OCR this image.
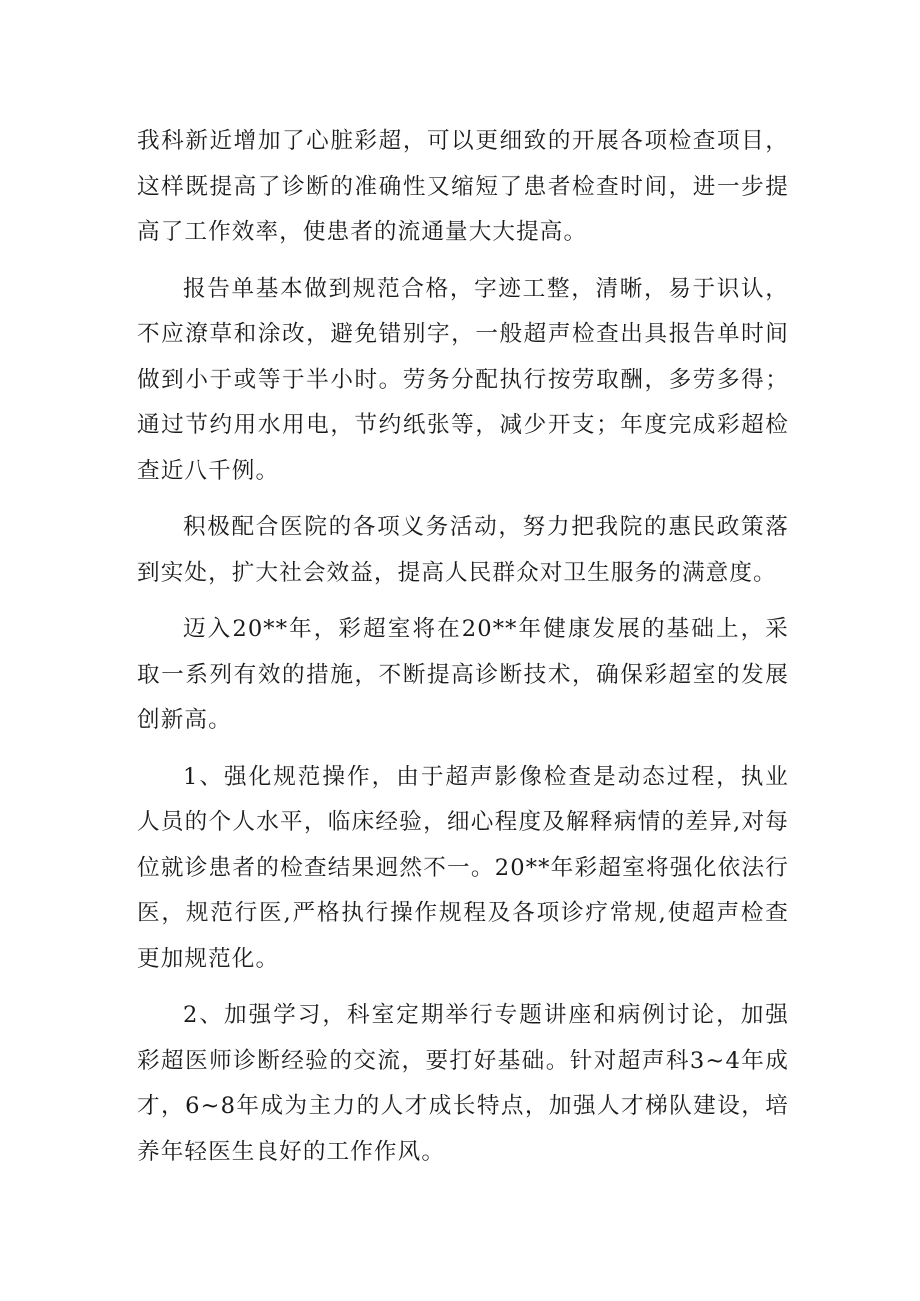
我科新近增加了心脏彩超，可以更细致的开展各项检查项目，这样既提高了诊断的准确性又缩短了患者检查时间，进一步提高了工作效率，使患者的流通量大大提高。

报告单基本做到规范合格，字迹工整，清晰，易于识认，不应潦草和涂改，避免错别字，一般超声检查出具报告单时间做到小于或等于半小时。劳务分配执行按劳取酬，多劳多得；通过节约用水用电，节约纸张等，减少开支；年度完成彩超检查近八千例。

积极配合医院的各项义务活动，努力把我院的惠民政策落到实处，扩大社会效益，提高人民群众对卫生服务的满意度。

迈入20**年，彩超室将在20**年健康发展的基础上，采取一系列有效的措施，不断提高诊断技术，确保彩超室的发展创新高。

1、强化规范操作，由于超声影像检查是动态过程，执业人员的个人水平，临床经验，细心程度及解释病情的差异,对每位就诊患者的检查结果迥然不一。20**年彩超室将强化依法行医，规范行医,严格执行操作规程及各项诊疗常规,使超声检查更加规范化。

2、加强学习，科室定期举行专题讲座和病例讨论，加强彩超医师诊断经验的交流，要打好基础。针对超声科3~4年成才，6~8年成为主力的人才成长特点，加强人才梯队建设，培养年轻医生良好的工作作风。
